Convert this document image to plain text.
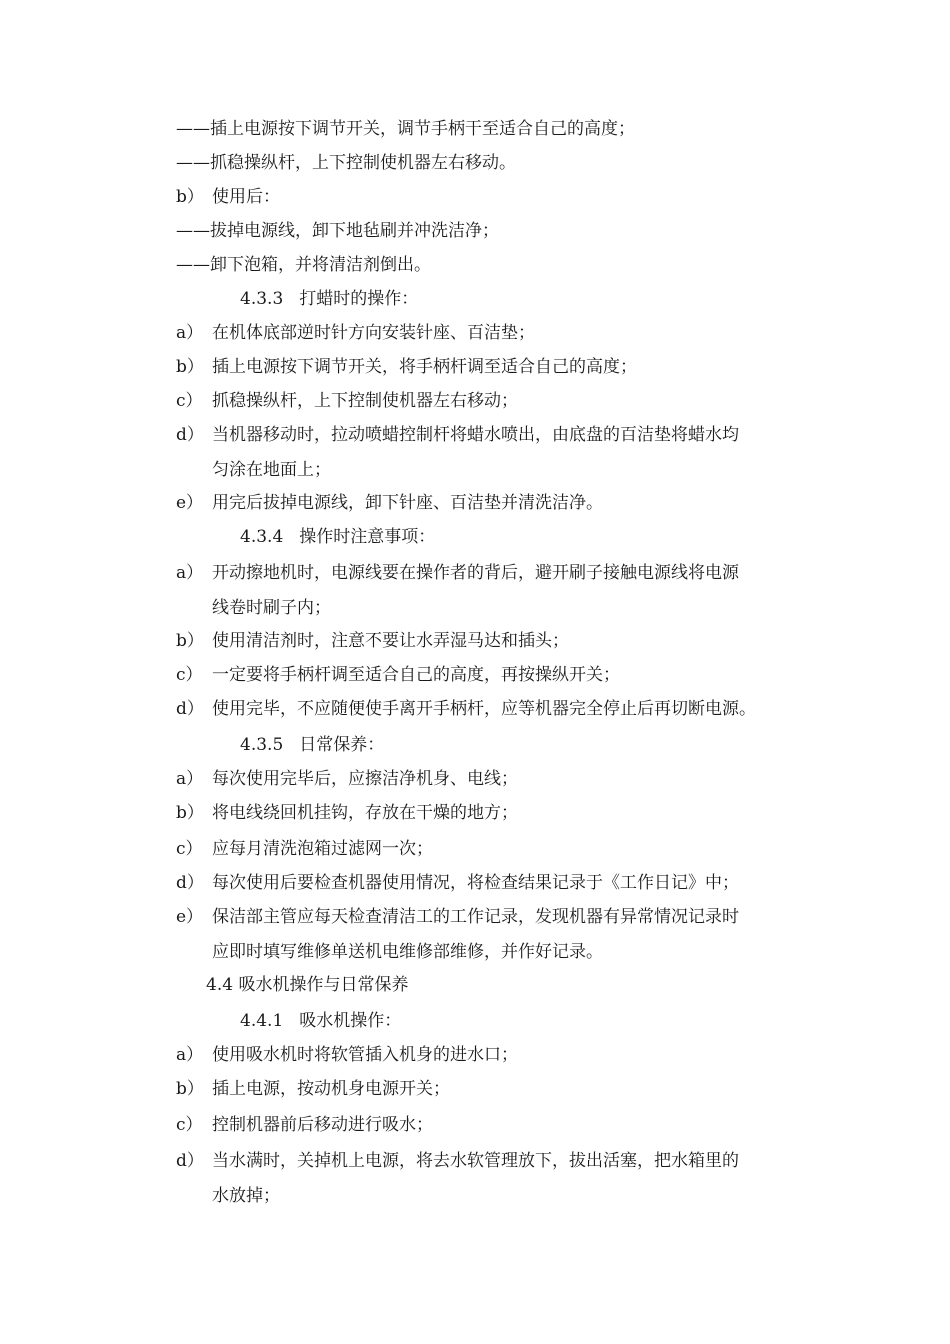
——插上电源按下调节开关，调节手柄干至适合自己的高度；
——抓稳操纵杆，上下控制使机器左右移动。
b） 使用后：
——拔掉电源线，卸下地毡刷并冲洗洁净；
——卸下泡箱，并将清洁剂倒出。
4.3.3 打蜡时的操作：
a） 在机体底部逆时针方向安装针座、百洁垫；
b） 插上电源按下调节开关，将手柄杆调至适合自己的高度；
c） 抓稳操纵杆，上下控制使机器左右移动；
d） 当机器移动时，拉动喷蜡控制杆将蜡水喷出，由底盘的百洁垫将蜡水均
匀涂在地面上；
e） 用完后拔掉电源线，卸下针座、百洁垫并清洗洁净。
4.3.4 操作时注意事项：
a） 开动擦地机时，电源线要在操作者的背后，避开刷子接触电源线将电源
线卷时刷子内；
b） 使用清洁剂时，注意不要让水弄湿马达和插头；
c） 一定要将手柄杆调至适合自己的高度，再按操纵开关；
d） 使用完毕，不应随便使手离开手柄杆，应等机器完全停止后再切断电源。
4.3.5 日常保养：
a） 每次使用完毕后，应擦洁净机身、电线；
b） 将电线绕回机挂钩，存放在干燥的地方；
c） 应每月清洗泡箱过滤网一次；
d） 每次使用后要检查机器使用情况，将检查结果记录于《工作日记》中；
e） 保洁部主管应每天检查清洁工的工作记录，发现机器有异常情况记录时
应即时填写维修单送机电维修部维修，并作好记录。
4.4 吸水机操作与日常保养
4.4.1 吸水机操作：
a） 使用吸水机时将软管插入机身的进水口；
b） 插上电源，按动机身电源开关；
c） 控制机器前后移动进行吸水；
d） 当水满时，关掉机上电源，将去水软管理放下，拔出活塞，把水箱里的
水放掉；
